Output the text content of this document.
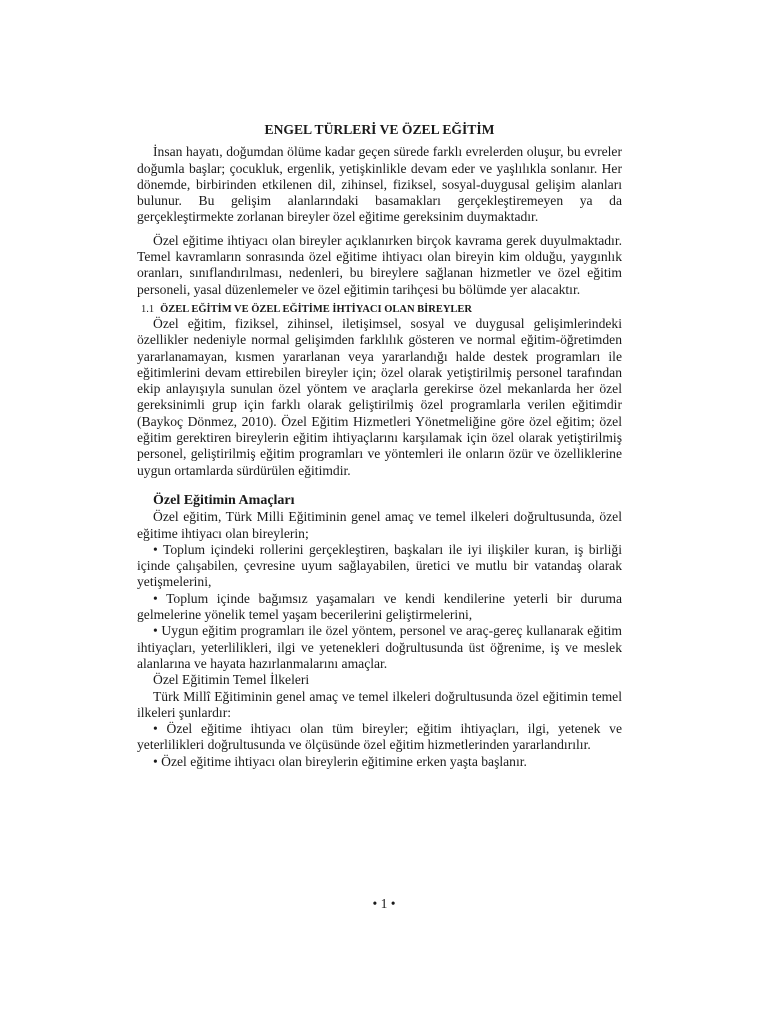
ENGEL TÜRLERİ VE ÖZEL EĞİTİM

İnsan hayatı, doğumdan ölüme kadar geçen sürede farklı evrelerden oluşur, bu evreler doğumla başlar; çocukluk, ergenlik, yetişkinlikle devam eder ve yaşlılıkla sonlanır. Her dönemde, birbirinden etkilenen dil, zihinsel, fiziksel, sosyal-duygusal gelişim alanları bulunur. Bu gelişim alanlarındaki basamakları gerçekleştiremeyen ya da gerçekleştirmekte zorlanan bireyler özel eğitime gereksinim duymaktadır.

Özel eğitime ihtiyacı olan bireyler açıklanırken birçok kavrama gerek duyulmaktadır. Temel kavramların sonrasında özel eğitime ihtiyacı olan bireyin kim olduğu, yaygınlık oranları, sınıflandırılması, nedenleri, bu bireylere sağlanan hizmetler ve özel eğitim personeli, yasal düzenlemeler ve özel eğitimin tarihçesi bu bölümde yer alacaktır.

1.1 ÖZEL EĞİTİM VE ÖZEL EĞİTİME İHTİYACI OLAN BİREYLER

Özel eğitim, fiziksel, zihinsel, iletişimsel, sosyal ve duygusal gelişimlerindeki özellikler nedeniyle normal gelişimden farklılık gösteren ve normal eğitim-öğretimden yararlanamayan, kısmen yararlanan veya yararlandığı halde destek programları ile eğitimlerini devam ettirebilen bireyler için; özel olarak yetiştirilmiş personel tarafından ekip anlayışıyla sunulan özel yöntem ve araçlarla gerekirse özel mekanlarda her özel gereksinimli grup için farklı olarak geliştirilmiş özel programlarla verilen eğitimdir (Baykoç Dönmez, 2010). Özel Eğitim Hizmetleri Yönetmeliğine göre özel eğitim; özel eğitim gerektiren bireylerin eğitim ihtiyaçlarını karşılamak için özel olarak yetiştirilmiş personel, geliştirilmiş eğitim programları ve yöntemleri ile onların özür ve özelliklerine uygun ortamlarda sürdürülen eğitimdir.

Özel Eğitimin Amaçları

Özel eğitim, Türk Milli Eğitiminin genel amaç ve temel ilkeleri doğrultusunda, özel eğitime ihtiyacı olan bireylerin;

• Toplum içindeki rollerini gerçekleştiren, başkaları ile iyi ilişkiler kuran, iş birliği içinde çalışabilen, çevresine uyum sağlayabilen, üretici ve mutlu bir vatandaş olarak yetişmelerini,

• Toplum içinde bağımsız yaşamaları ve kendi kendilerine yeterli bir duruma gelmelerine yönelik temel yaşam becerilerini geliştirmelerini,

• Uygun eğitim programları ile özel yöntem, personel ve araç-gereç kullanarak eğitim ihtiyaçları, yeterlilikleri, ilgi ve yetenekleri doğrultusunda üst öğrenime, iş ve meslek alanlarına ve hayata hazırlanmalarını amaçlar.

Özel Eğitimin Temel İlkeleri

Türk Millî Eğitiminin genel amaç ve temel ilkeleri doğrultusunda özel eğitimin temel ilkeleri şunlardır:

• Özel eğitime ihtiyacı olan tüm bireyler; eğitim ihtiyaçları, ilgi, yetenek ve yeterlilikleri doğrultusunda ve ölçüsünde özel eğitim hizmetlerinden yararlandırılır.

• Özel eğitime ihtiyacı olan bireylerin eğitimine erken yaşta başlanır.

• 1 •
